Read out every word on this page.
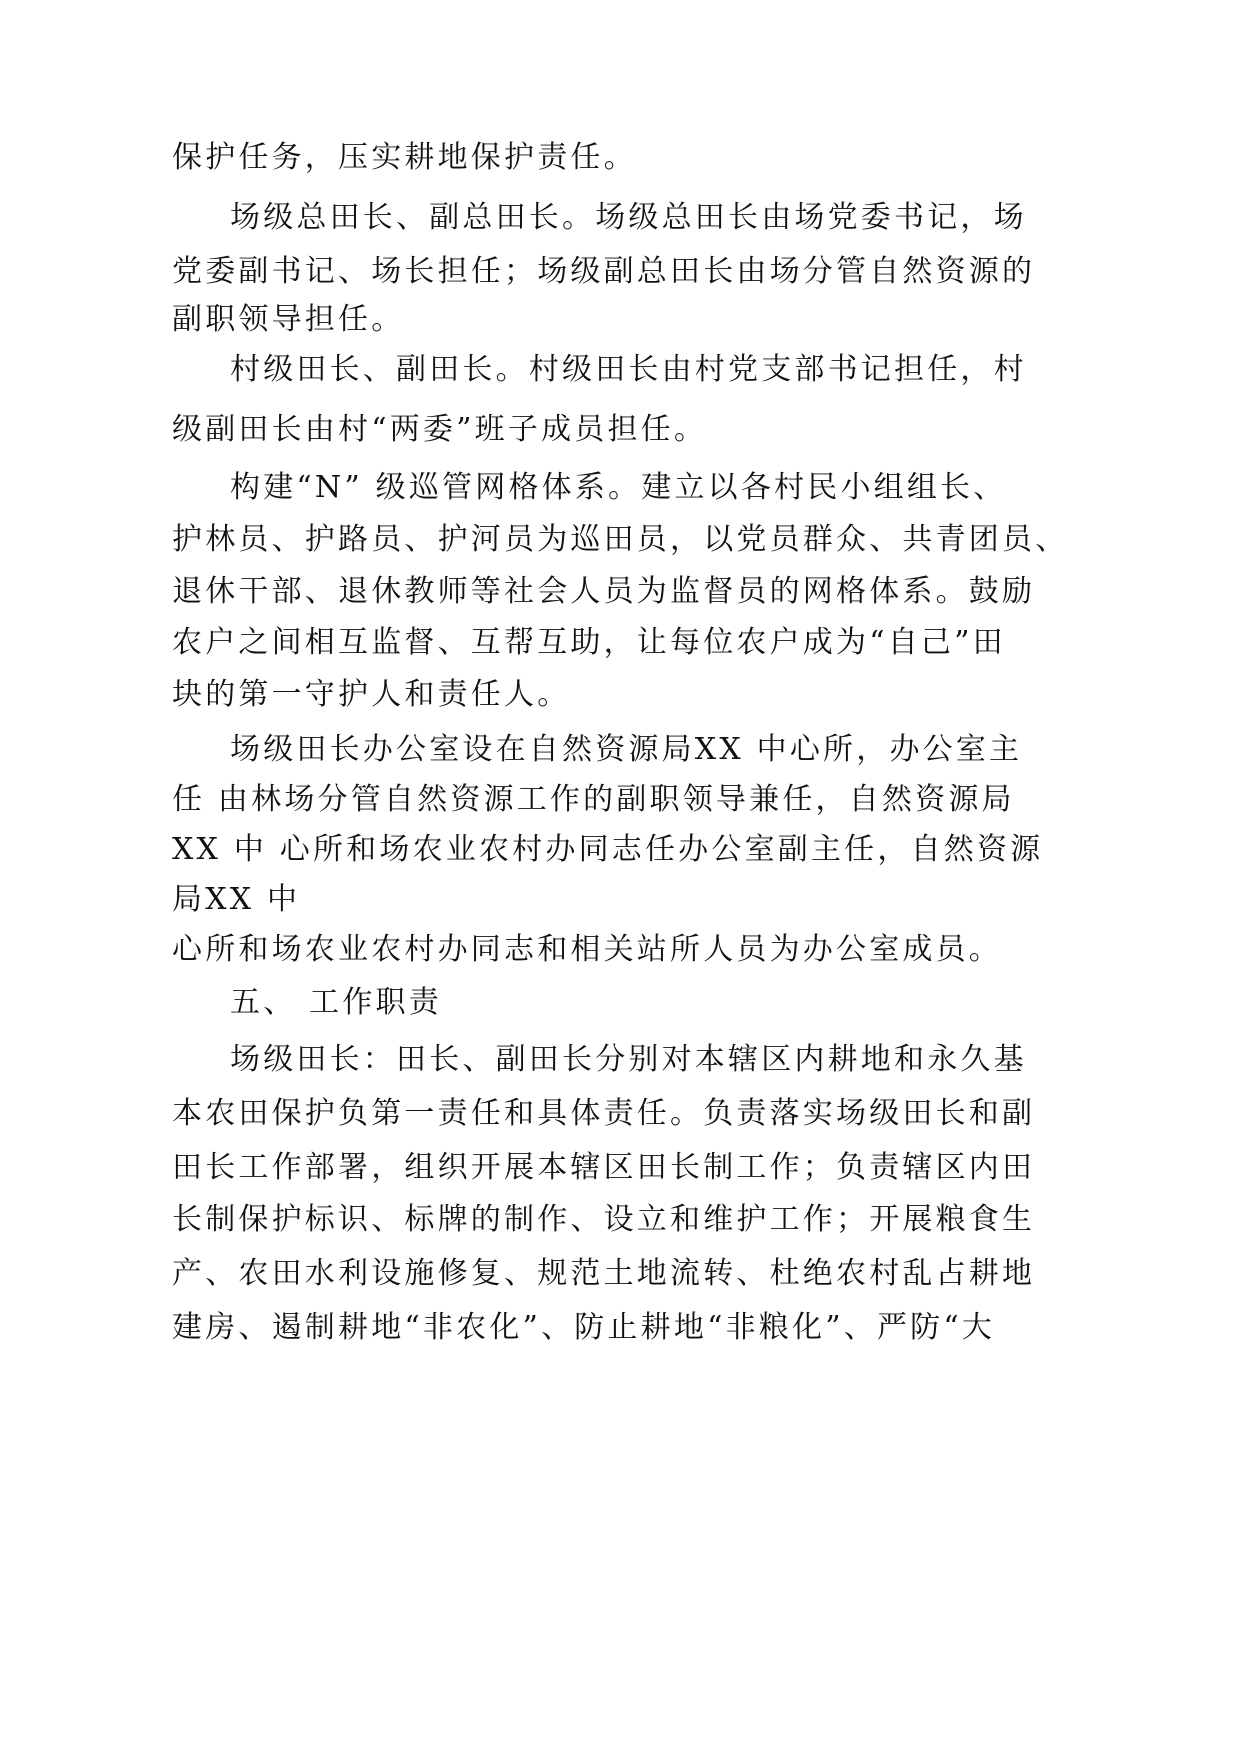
保护任务，压实耕地保护责任。
场级总田长、副总田长。场级总田长由场党委书记，场
党委副书记、场长担任；场级副总田长由场分管自然资源的
副职领导担任。
村级田长、副田长。村级田长由村党支部书记担任，村
级副田长由村“两委”班子成员担任。
构建“N” 级巡管网格体系。建立以各村民小组组长、
护林员、护路员、护河员为巡田员，以党员群众、共青团员、
退休干部、退休教师等社会人员为监督员的网格体系。鼓励
农户之间相互监督、互帮互助，让每位农户成为“自己”田
块的第一守护人和责任人。
场级田长办公室设在自然资源局XX 中心所，办公室主
任 由林场分管自然资源工作的副职领导兼任，自然资源局
XX 中 心所和场农业农村办同志任办公室副主任，自然资源
局XX 中
心所和场农业农村办同志和相关站所人员为办公室成员。
五、 工作职责
场级田长：田长、副田长分别对本辖区内耕地和永久基
本农田保护负第一责任和具体责任。负责落实场级田长和副
田长工作部署，组织开展本辖区田长制工作；负责辖区内田
长制保护标识、标牌的制作、设立和维护工作；开展粮食生
产、农田水利设施修复、规范土地流转、杜绝农村乱占耕地
建房、遏制耕地“非农化”、防止耕地“非粮化”、严防“大
